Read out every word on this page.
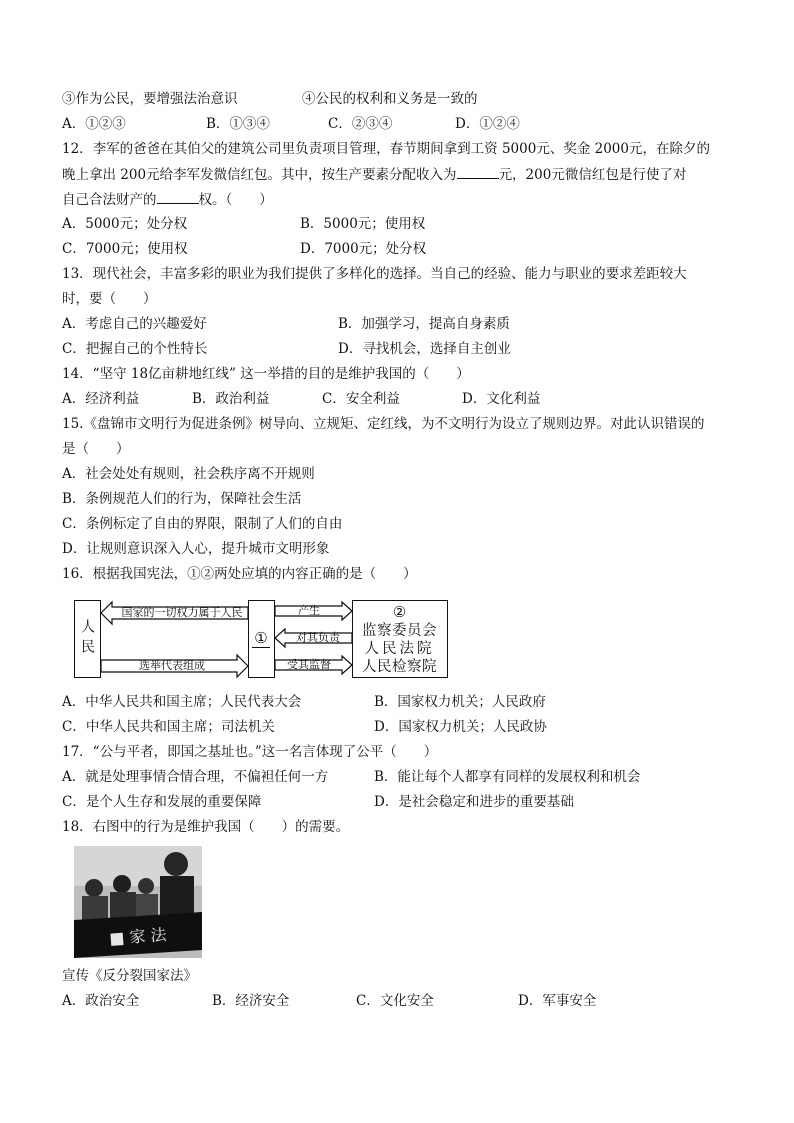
③作为公民，要增强法治意识	④公民的权利和义务是一致的
A．①②③	B．①③④	C．②③④	D．①②④
12．李军的爸爸在其伯父的建筑公司里负责项目管理，春节期间拿到工资 5000元、奖金 2000元，在除夕的
晚上拿出 200元给李军发微信红包。其中，按生产要素分配收入为	元，200元微信红包是行使了对
自己合法财产的	权。（　　）
A．5000元；处分权	B．5000元；使用权
C．7000元；使用权	D．7000元；处分权
13．现代社会，丰富多彩的职业为我们提供了多样化的选择。当自己的经验、能力与职业的要求差距较大
时，要（　　）
A．考虑自己的兴趣爱好	B．加强学习，提高自身素质
C．把握自己的个性特长	D．寻找机会，选择自主创业
14．“坚守 18亿亩耕地红线” 这一举措的目的是维护我国的（　　）
A．经济利益	B．政治利益	C．安全利益	D．文化利益
15.《盘锦市文明行为促进条例》树导向、立规矩、定红线，为不文明行为设立了规则边界。对此认识错误的
是（　　）
A．社会处处有规则，社会秩序离不开规则
B．条例规范人们的行为，保障社会生活
C．条例标定了自由的界限，限制了人们的自由
D．让规则意识深入人心，提升城市文明形象
16．根据我国宪法，①②两处应填的内容正确的是（　　）
国家的一切权力属于人民
选举代表组成
产生
对其负责
受其监督
人民	①
②
监察委员会
人民法院
人民检察院
A．中华人民共和国主席；人民代表大会	B．国家权力机关；人民政府
C．中华人民共和国主席；司法机关	D．国家权力机关；人民政协
17．“公与平者，即国之基址也。”这一名言体现了公平（　　）
A．就是处理事情合情合理，不偏袒任何一方	B．能让每个人都享有同样的发展权利和机会
C．是个人生存和发展的重要保障	D．是社会稳定和进步的重要基础
18．右图中的行为是维护我国（　　）的需要。
■ 家 法
宣传《反分裂国家法》
A．政治安全	B．经济安全	C．文化安全	D．军事安全
